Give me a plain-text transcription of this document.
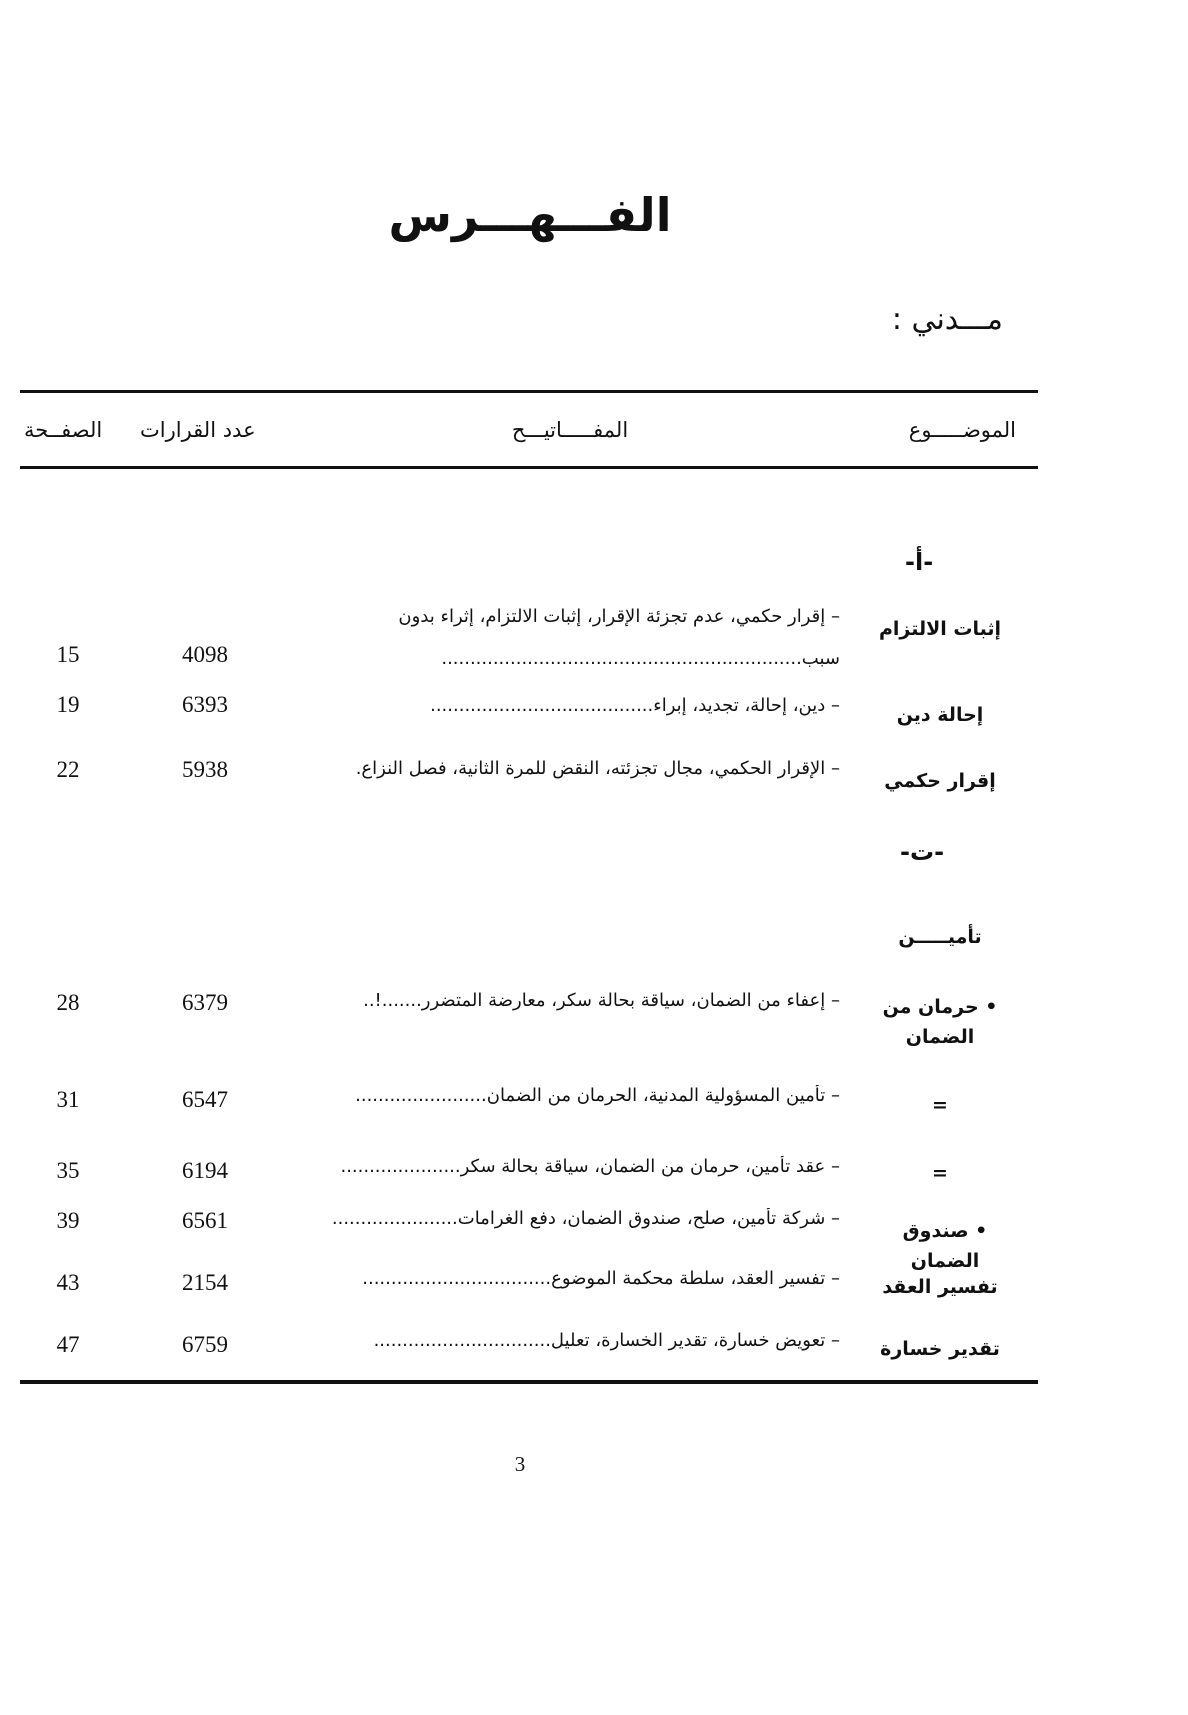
الفـــهـــرس
مـــدني :
الموضـــــوع
المفـــــاتيـــح
عدد القرارات
الصفــحة
-أ-
إثبات الالتزام
– إقرار حكمي، عدم تجزئة الإقرار، إثبات الالتزام، إثراء بدون
سبب...............................................................
4098
15
إحالة دين
– دين، إحالة، تجديد، إبراء.......................................
6393
19
إقرار حكمي
– الإقرار الحكمي، مجال تجزئته، النقض للمرة الثانية، فصل النزاع.
5938
22
-ت-
تأميـــــن
• حرمان من الضمان
– إعفاء من الضمان، سياقة بحالة سكر، معارضة المتضرر.......!..
6379
28
=
– تأمين المسؤولية المدنية، الحرمان من الضمان.......................
6547
31
=
– عقد تأمين، حرمان من الضمان، سياقة بحالة سكر.....................
6194
35
• صندوق الضمان
– شركة تأمين، صلح، صندوق الضمان، دفع الغرامات......................
6561
39
تفسير العقد
– تفسير العقد، سلطة محكمة الموضوع.................................
2154
43
تقدير خسارة
– تعويض خسارة، تقدير الخسارة، تعليل...............................
6759
47
3
